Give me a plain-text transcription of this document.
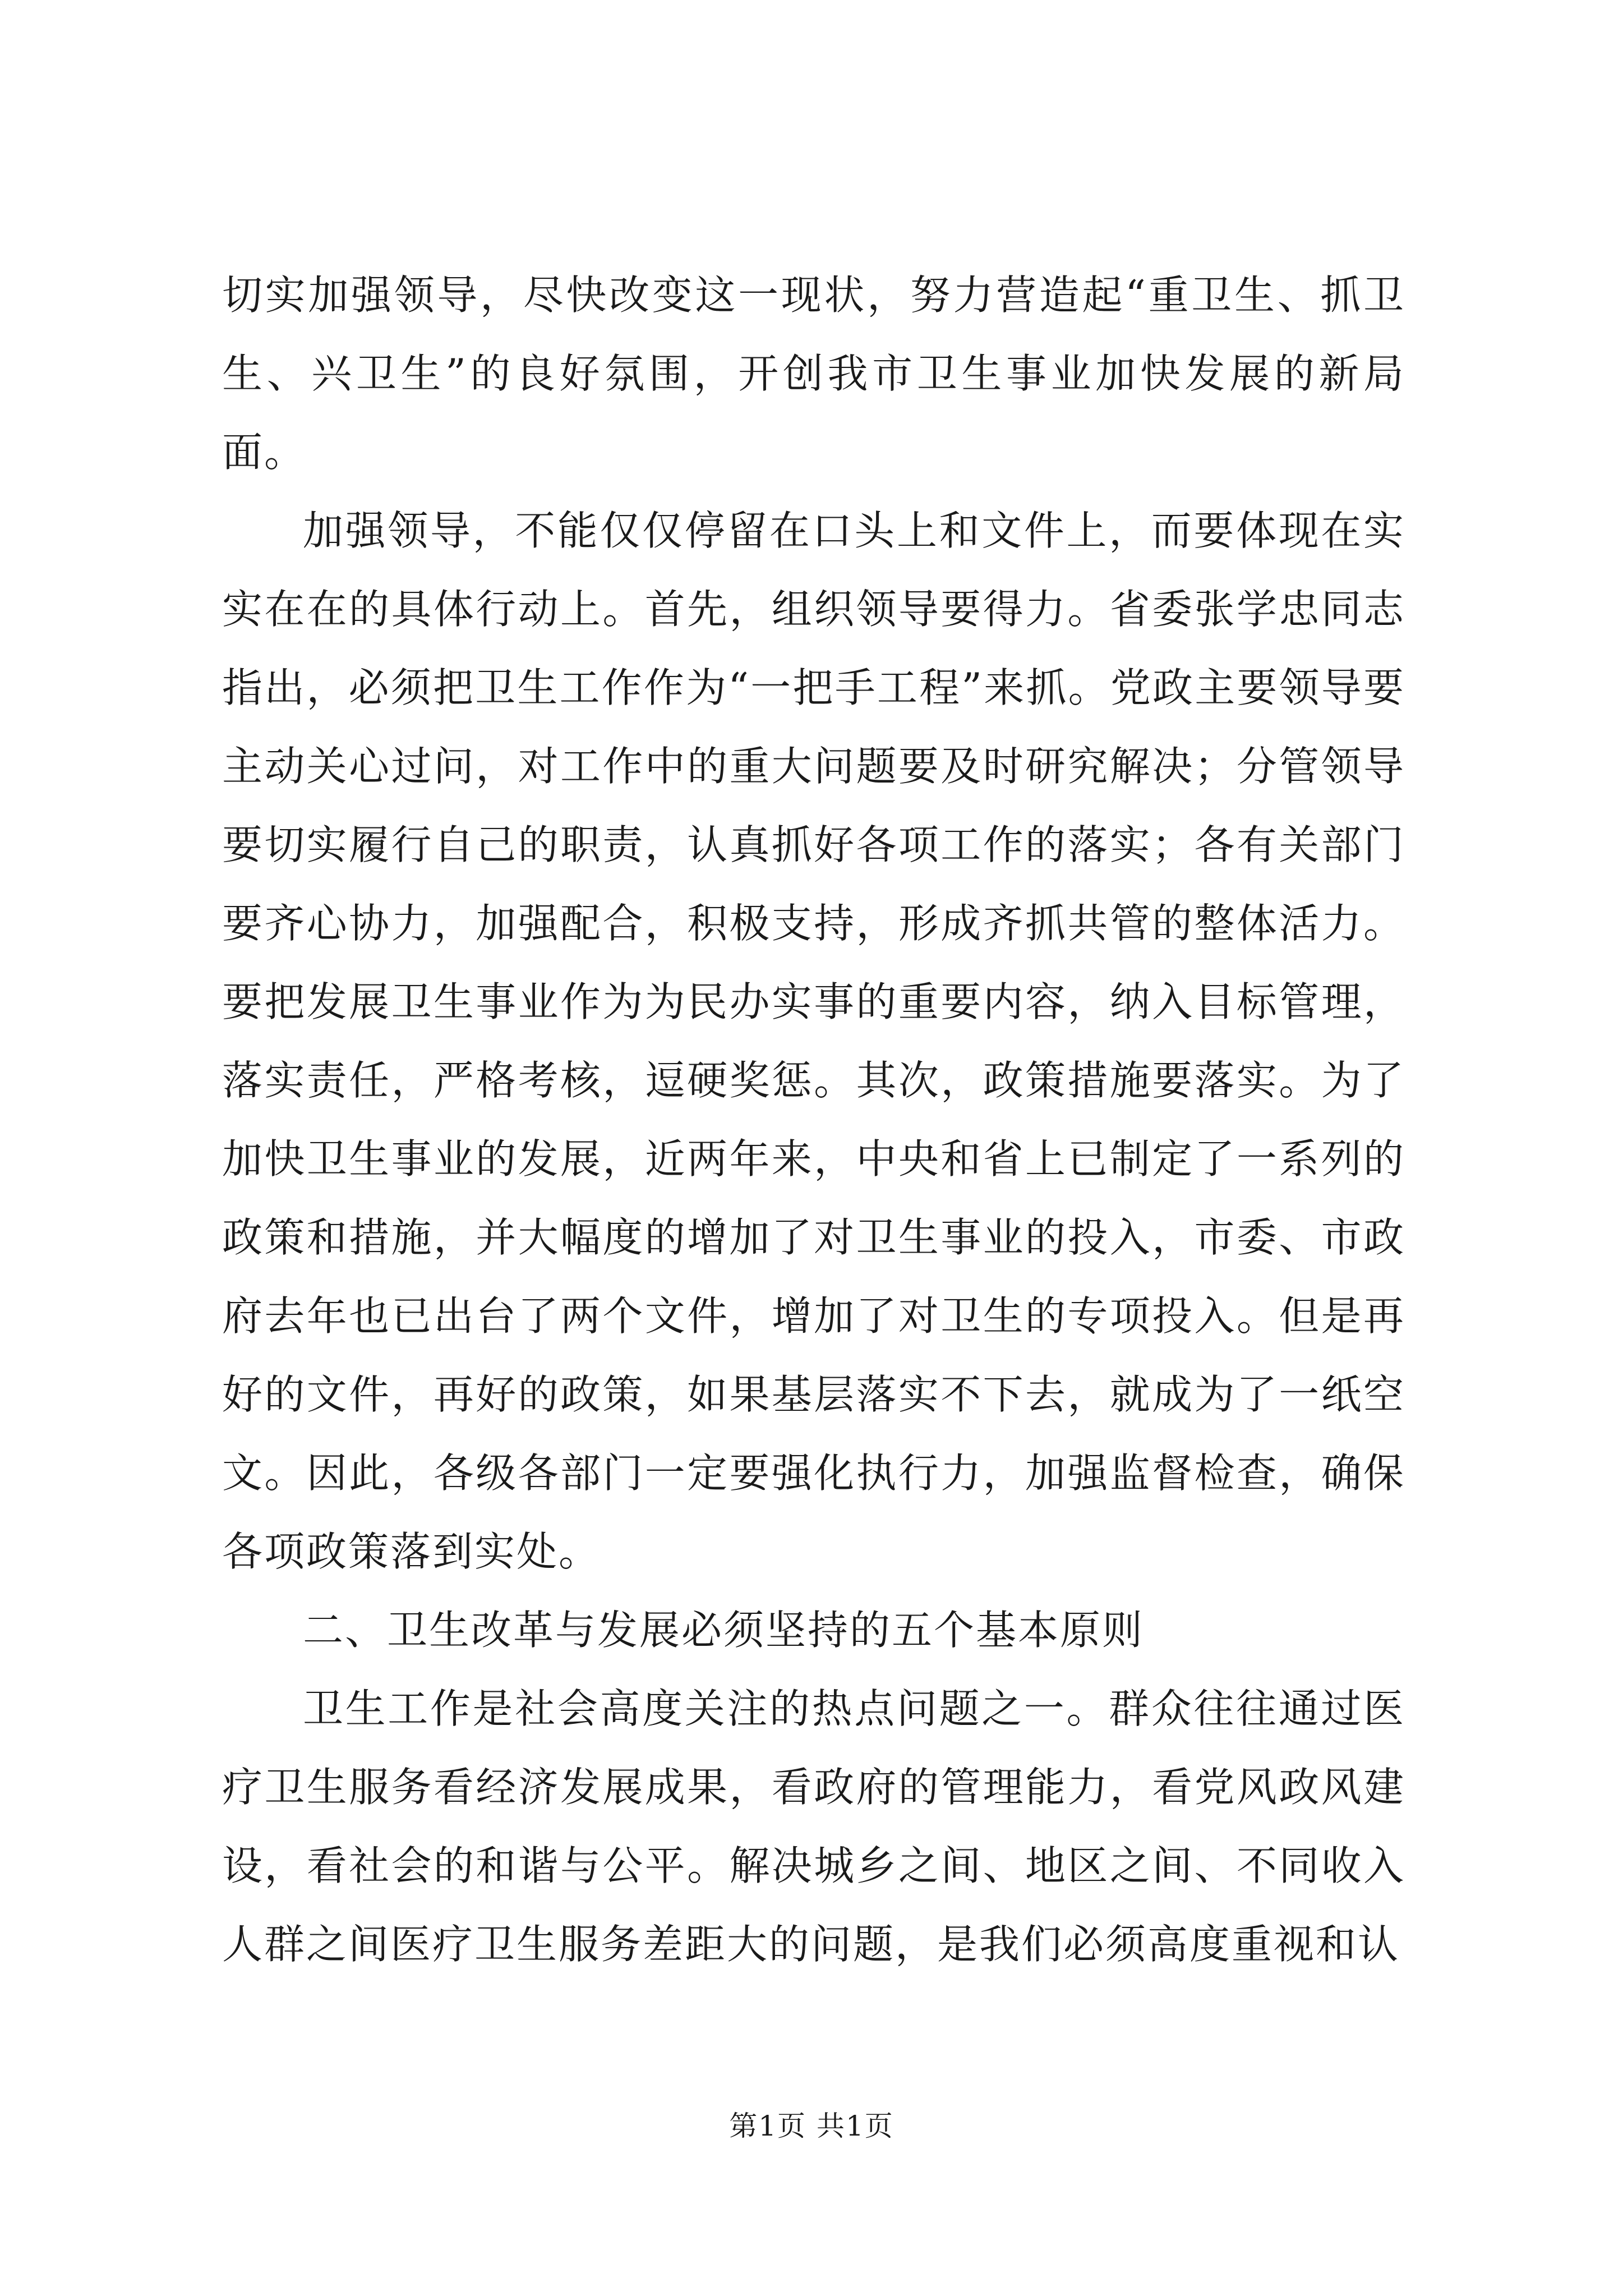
切实加强领导，尽快改变这一现状，努力营造起“重卫生、抓卫生、兴卫生”的良好氛围，开创我市卫生事业加快发展的新局面。

加强领导，不能仅仅停留在口头上和文件上，而要体现在实实在在的具体行动上。首先，组织领导要得力。省委张学忠同志指出，必须把卫生工作作为“一把手工程”来抓。党政主要领导要主动关心过问，对工作中的重大问题要及时研究解决；分管领导要切实履行自己的职责，认真抓好各项工作的落实；各有关部门要齐心协力，加强配合，积极支持，形成齐抓共管的整体活力。要把发展卫生事业作为为民办实事的重要内容，纳入目标管理，落实责任，严格考核，逗硬奖惩。其次，政策措施要落实。为了加快卫生事业的发展，近两年来，中央和省上已制定了一系列的政策和措施，并大幅度的增加了对卫生事业的投入，市委、市政府去年也已出台了两个文件，增加了对卫生的专项投入。但是再好的文件，再好的政策，如果基层落实不下去，就成为了一纸空文。因此，各级各部门一定要强化执行力，加强监督检查，确保各项政策落到实处。

二、卫生改革与发展必须坚持的五个基本原则

卫生工作是社会高度关注的热点问题之一。群众往往通过医疗卫生服务看经济发展成果，看政府的管理能力，看党风政风建设，看社会的和谐与公平。解决城乡之间、地区之间、不同收入人群之间医疗卫生服务差距大的问题，是我们必须高度重视和认

第1页 共1页
